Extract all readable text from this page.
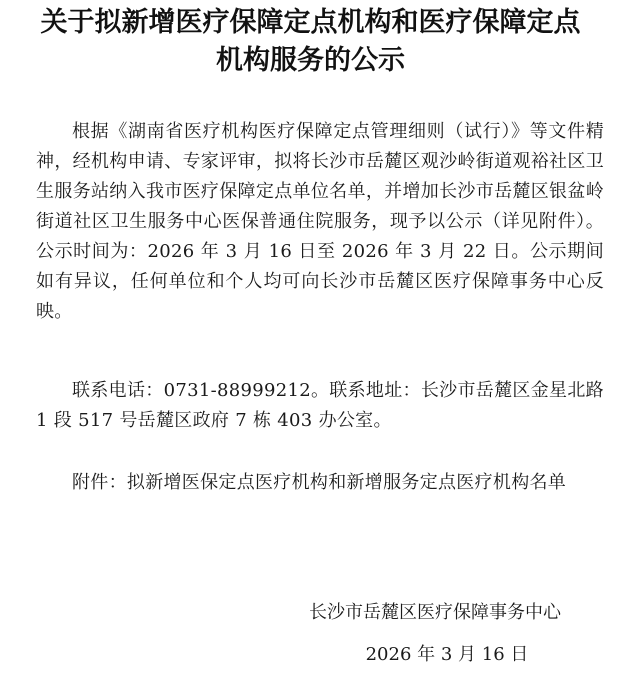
关于拟新增医疗保障定点机构和医疗保障定点
机构服务的公示

根据《湖南省医疗机构医疗保障定点管理细则（试行）》等文件精神，经机构申请、专家评审，拟将长沙市岳麓区观沙岭街道观裕社区卫生服务站纳入我市医疗保障定点单位名单，并增加长沙市岳麓区银盆岭街道社区卫生服务中心医保普通住院服务，现予以公示（详见附件）。公示时间为：2026 年 3 月 16 日至 2026 年 3 月 22 日。公示期间如有异议，任何单位和个人均可向长沙市岳麓区医疗保障事务中心反映。

联系电话：0731-88999212。联系地址：长沙市岳麓区金星北路 1 段 517 号岳麓区政府 7 栋 403 办公室。

附件：拟新增医保定点医疗机构和新增服务定点医疗机构名单

长沙市岳麓区医疗保障事务中心
2026 年 3 月 16 日
